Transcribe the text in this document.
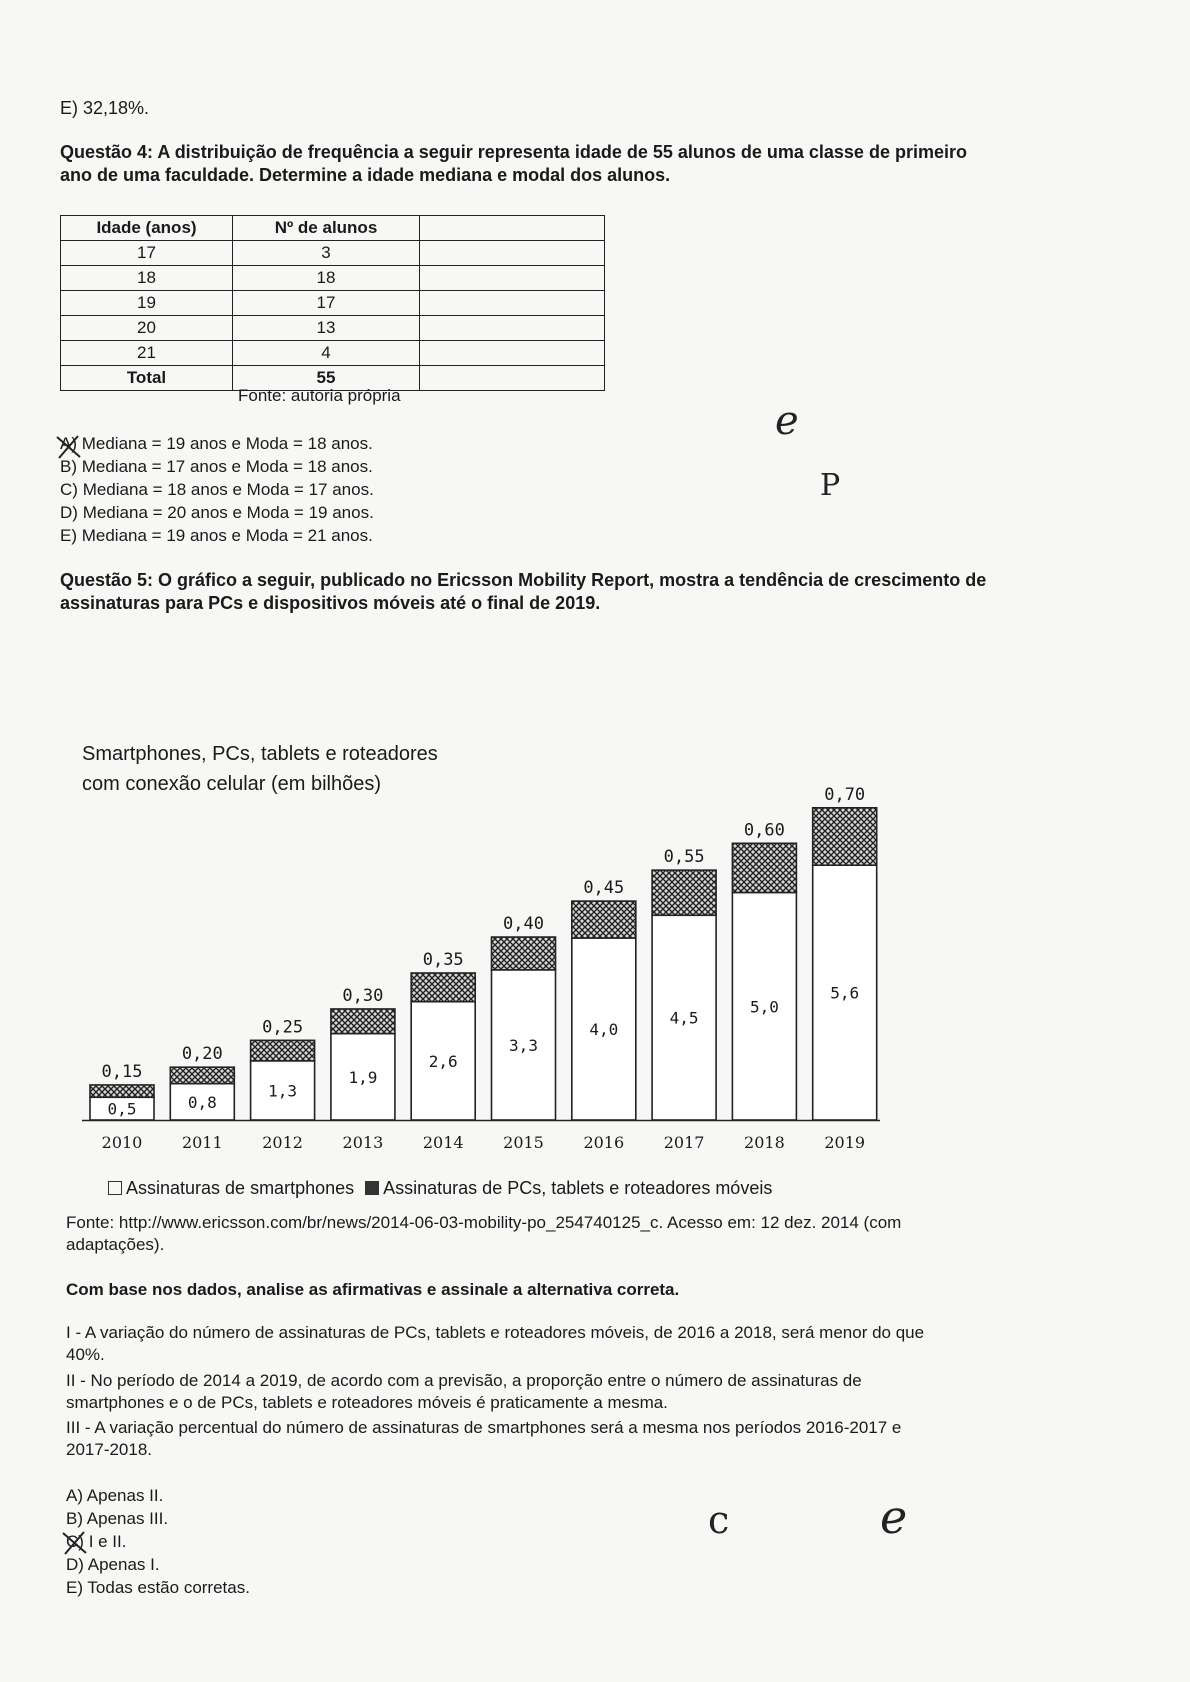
E) 32,18%.
Questão 4: A distribuição de frequência a seguir representa idade de 55 alunos de uma classe de primeiro
ano de uma faculdade. Determine a idade mediana e modal dos alunos.
Idade (anos)	Nº de alunos	
17	3	
18	18	
19	17	
20	13	
21	4	
Total	55	
Fonte: autoria própria
A) Mediana = 19 anos e Moda = 18 anos.
B) Mediana = 17 anos e Moda = 18 anos.
C) Mediana = 18 anos e Moda = 17 anos.
D) Mediana = 20 anos e Moda = 19 anos.
E) Mediana = 19 anos e Moda = 21 anos.
e
P
Questão 5: O gráfico a seguir, publicado no Ericsson Mobility Report, mostra a tendência de crescimento de
assinaturas para PCs e dispositivos móveis até o final de 2019.
Smartphones, PCs, tablets e roteadores
com conexão celular (em bilhões)
0,5
0,15
2010
0,8
0,20
2011
1,3
0,25
2012
1,9
0,30
2013
2,6
0,35
2014
3,3
0,40
2015
4,0
0,45
2016
4,5
0,55
2017
5,0
0,60
2018
5,6
0,70
2019
Assinaturas de smartphones Assinaturas de PCs, tablets e roteadores móveis
Fonte: http://www.ericsson.com/br/news/2014-06-03-mobility-po_254740125_c. Acesso em: 12 dez. 2014 (com
adaptações).
Com base nos dados, analise as afirmativas e assinale a alternativa correta.
I - A variação do número de assinaturas de PCs, tablets e roteadores móveis, de 2016 a 2018, será menor do que
40%.
II - No período de 2014 a 2019, de acordo com a previsão, a proporção entre o número de assinaturas de
smartphones e o de PCs, tablets e roteadores móveis é praticamente a mesma.
III - A variação percentual do número de assinaturas de smartphones será a mesma nos períodos 2016-2017 e
2017-2018.
A) Apenas II.
B) Apenas III.
C) I e II.
D) Apenas I.
E) Todas estão corretas.
c	e
